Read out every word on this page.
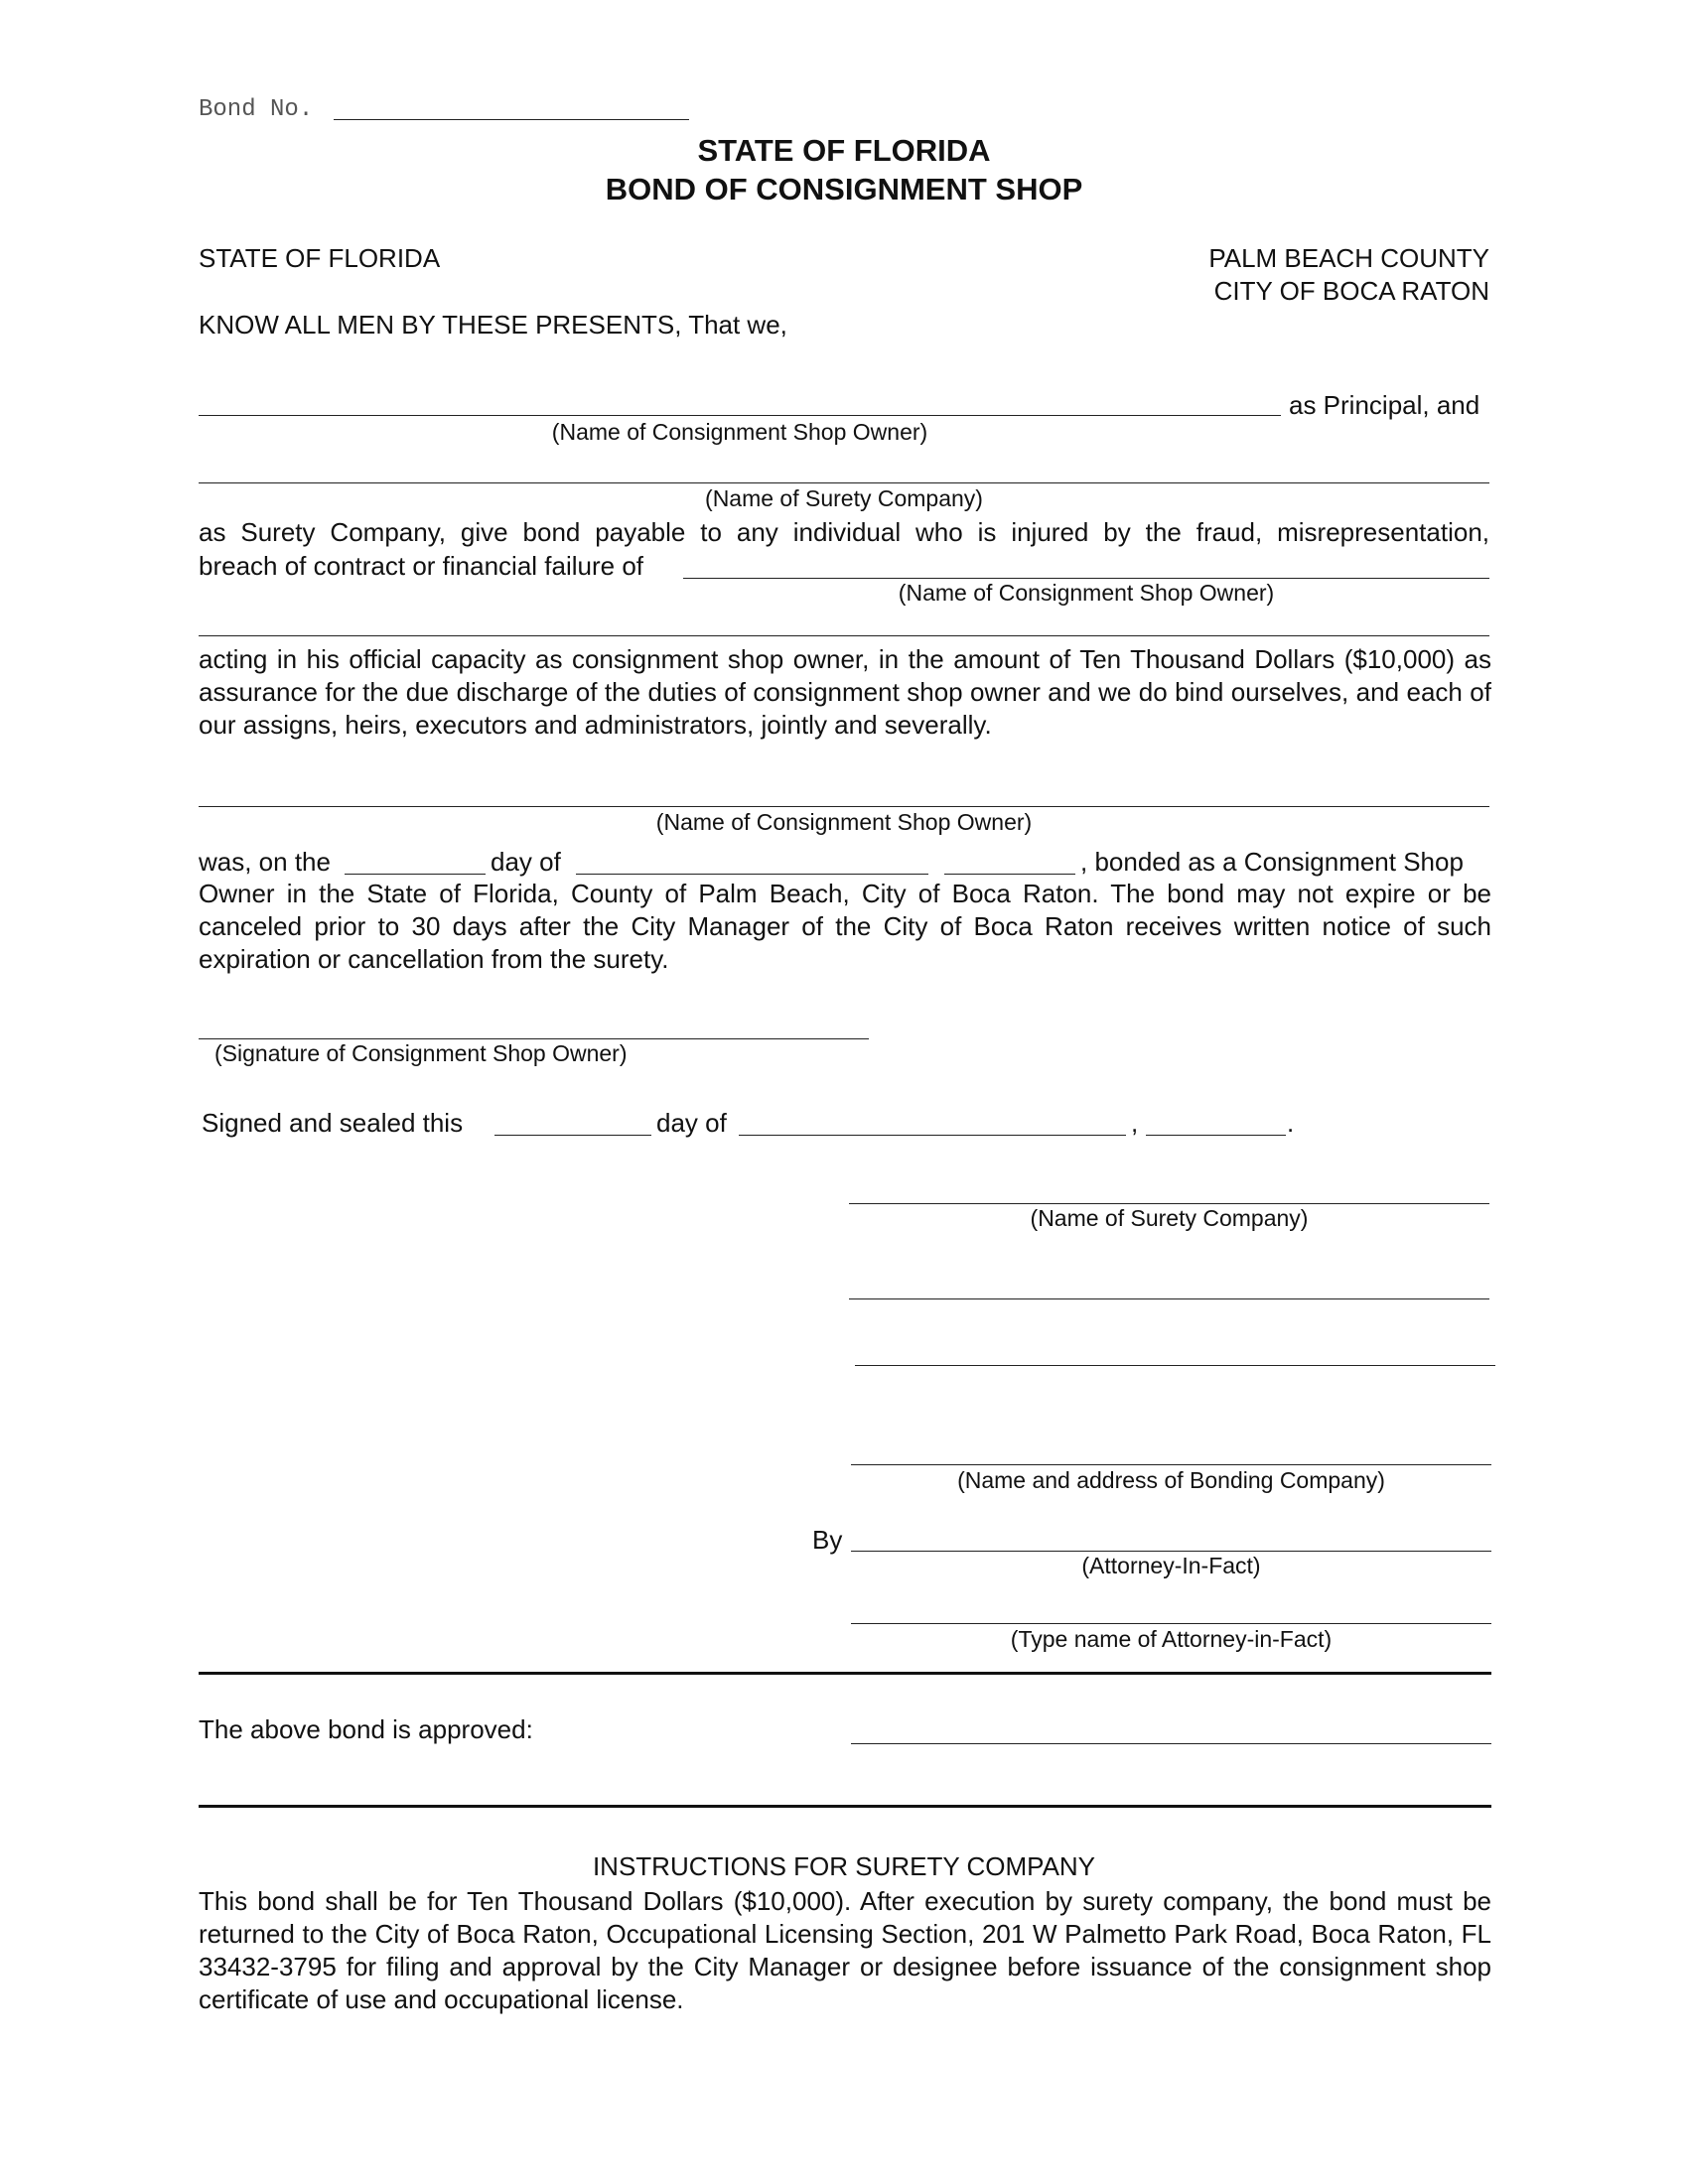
Bond No.
STATE OF FLORIDA
BOND OF CONSIGNMENT SHOP
STATE OF FLORIDA	PALM BEACH COUNTY
CITY OF BOCA RATON
KNOW ALL MEN BY THESE PRESENTS, That we,
as Principal, and
(Name of Consignment Shop Owner)
(Name of Surety Company)
as Surety Company, give bond payable to any individual who is injured by the fraud, misrepresentation,
breach of contract or financial failure of
(Name of Consignment Shop Owner)
acting in his official capacity as consignment shop owner, in the amount of Ten Thousand Dollars ($10,000) as assurance for the due discharge of the duties of consignment shop owner and we do bind ourselves, and each of our assigns, heirs, executors and administrators, jointly and severally.
(Name of Consignment Shop Owner)
was, on the	day of	, bonded as a Consignment Shop
Owner in the State of Florida, County of Palm Beach, City of Boca Raton. The bond may not expire or be canceled prior to 30 days after the City Manager of the City of Boca Raton receives written notice of such expiration or cancellation from the surety.
(Signature of Consignment Shop Owner)
Signed and sealed this	day of	,	.
(Name of Surety Company)
(Name and address of Bonding Company)
By
(Attorney-In-Fact)
(Type name of Attorney-in-Fact)
The above bond is approved:
INSTRUCTIONS FOR SURETY COMPANY
This bond shall be for Ten Thousand Dollars ($10,000). After execution by surety company, the bond must be returned to the City of Boca Raton, Occupational Licensing Section, 201 W Palmetto Park Road, Boca Raton, FL 33432-3795 for filing and approval by the City Manager or designee before issuance of the consignment shop certificate of use and occupational license.
